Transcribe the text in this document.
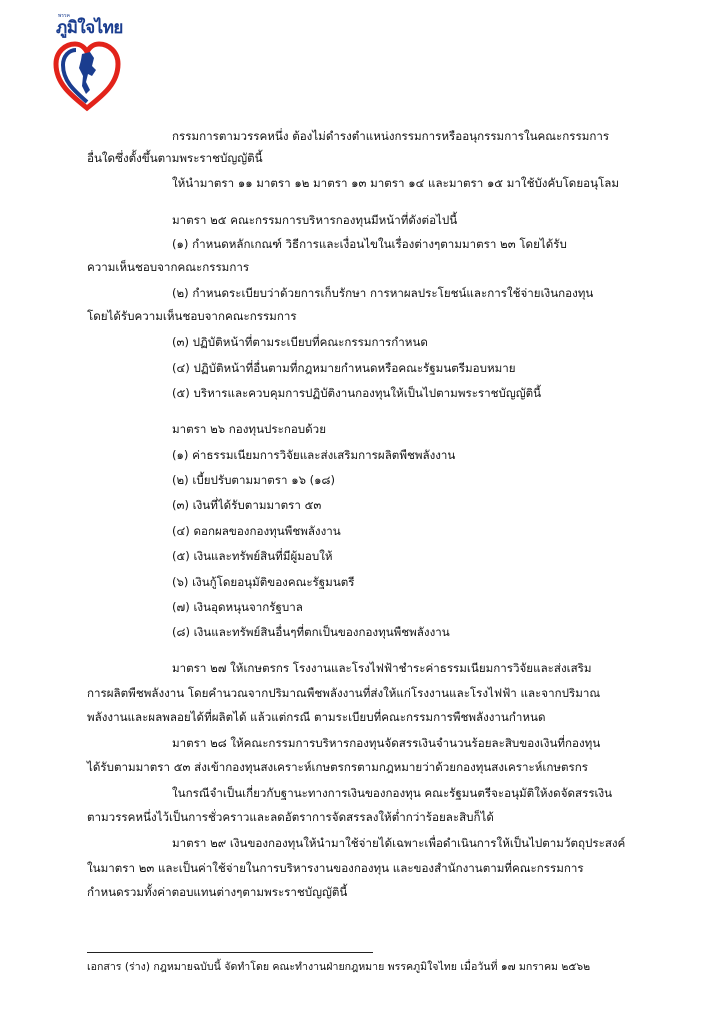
พรรค
ภูมิใจไทย
กรรมการตามวรรคหนึ่ง ต้องไม่ดำรงตำแหน่งกรรมการหรืออนุกรรมการในคณะกรรมการ
อื่นใดซึ่งตั้งขึ้นตามพระราชบัญญัตินี้
ให้นำมาตรา ๑๑ มาตรา ๑๒ มาตรา ๑๓ มาตรา ๑๔ และมาตรา ๑๕ มาใช้บังคับโดยอนุโลม
มาตรา ๒๕ คณะกรรมการบริหารกองทุนมีหน้าที่ดังต่อไปนี้
(๑) กำหนดหลักเกณฑ์ วิธีการและเงื่อนไขในเรื่องต่างๆตามมาตรา ๒๓ โดยได้รับ
ความเห็นชอบจากคณะกรรมการ
(๒) กำหนดระเบียบว่าด้วยการเก็บรักษา การหาผลประโยชน์และการใช้จ่ายเงินกองทุน
โดยได้รับความเห็นชอบจากคณะกรรมการ
(๓) ปฏิบัติหน้าที่ตามระเบียบที่คณะกรรมการกำหนด
(๔) ปฏิบัติหน้าที่อื่นตามที่กฎหมายกำหนดหรือคณะรัฐมนตรีมอบหมาย
(๕) บริหารและควบคุมการปฏิบัติงานกองทุนให้เป็นไปตามพระราชบัญญัตินี้
มาตรา ๒๖ กองทุนประกอบด้วย
(๑) ค่าธรรมเนียมการวิจัยและส่งเสริมการผลิตพืชพลังงาน
(๒) เบี้ยปรับตามมาตรา ๑๖ (๑๘)
(๓) เงินที่ได้รับตามมาตรา ๕๓
(๔) ดอกผลของกองทุนพืชพลังงาน
(๕) เงินและทรัพย์สินที่มีผู้มอบให้
(๖) เงินกู้โดยอนุมัติของคณะรัฐมนตรี
(๗) เงินอุดหนุนจากรัฐบาล
(๘) เงินและทรัพย์สินอื่นๆที่ตกเป็นของกองทุนพืชพลังงาน
มาตรา ๒๗ ให้เกษตรกร โรงงานและโรงไฟฟ้าชำระค่าธรรมเนียมการวิจัยและส่งเสริม
การผลิตพืชพลังงาน โดยคำนวณจากปริมาณพืชพลังงานที่ส่งให้แก่โรงงานและโรงไฟฟ้า และจากปริมาณ
พลังงานและผลพลอยได้ที่ผลิตได้ แล้วแต่กรณี ตามระเบียบที่คณะกรรมการพืชพลังงานกำหนด
มาตรา ๒๘ ให้คณะกรรมการบริหารกองทุนจัดสรรเงินจำนวนร้อยละสิบของเงินที่กองทุน
ได้รับตามมาตรา ๕๓ ส่งเข้ากองทุนสงเคราะห์เกษตรกรตามกฎหมายว่าด้วยกองทุนสงเคราะห์เกษตรกร
ในกรณีจำเป็นเกี่ยวกับฐานะทางการเงินของกองทุน คณะรัฐมนตรีจะอนุมัติให้งดจัดสรรเงิน
ตามวรรคหนึ่งไว้เป็นการชั่วคราวและลดอัตราการจัดสรรลงให้ต่ำกว่าร้อยละสิบก็ได้
มาตรา ๒๙ เงินของกองทุนให้นำมาใช้จ่ายได้เฉพาะเพื่อดำเนินการให้เป็นไปตามวัตถุประสงค์
ในมาตรา ๒๓ และเป็นค่าใช้จ่ายในการบริหารงานของกองทุน และของสำนักงานตามที่คณะกรรมการ
กำหนดรวมทั้งค่าตอบแทนต่างๆตามพระราชบัญญัตินี้
เอกสาร (ร่าง) กฎหมายฉบับนี้ จัดทำโดย คณะทำงานฝ่ายกฎหมาย พรรคภูมิใจไทย เมื่อวันที่ ๑๗ มกราคม ๒๕๖๒
